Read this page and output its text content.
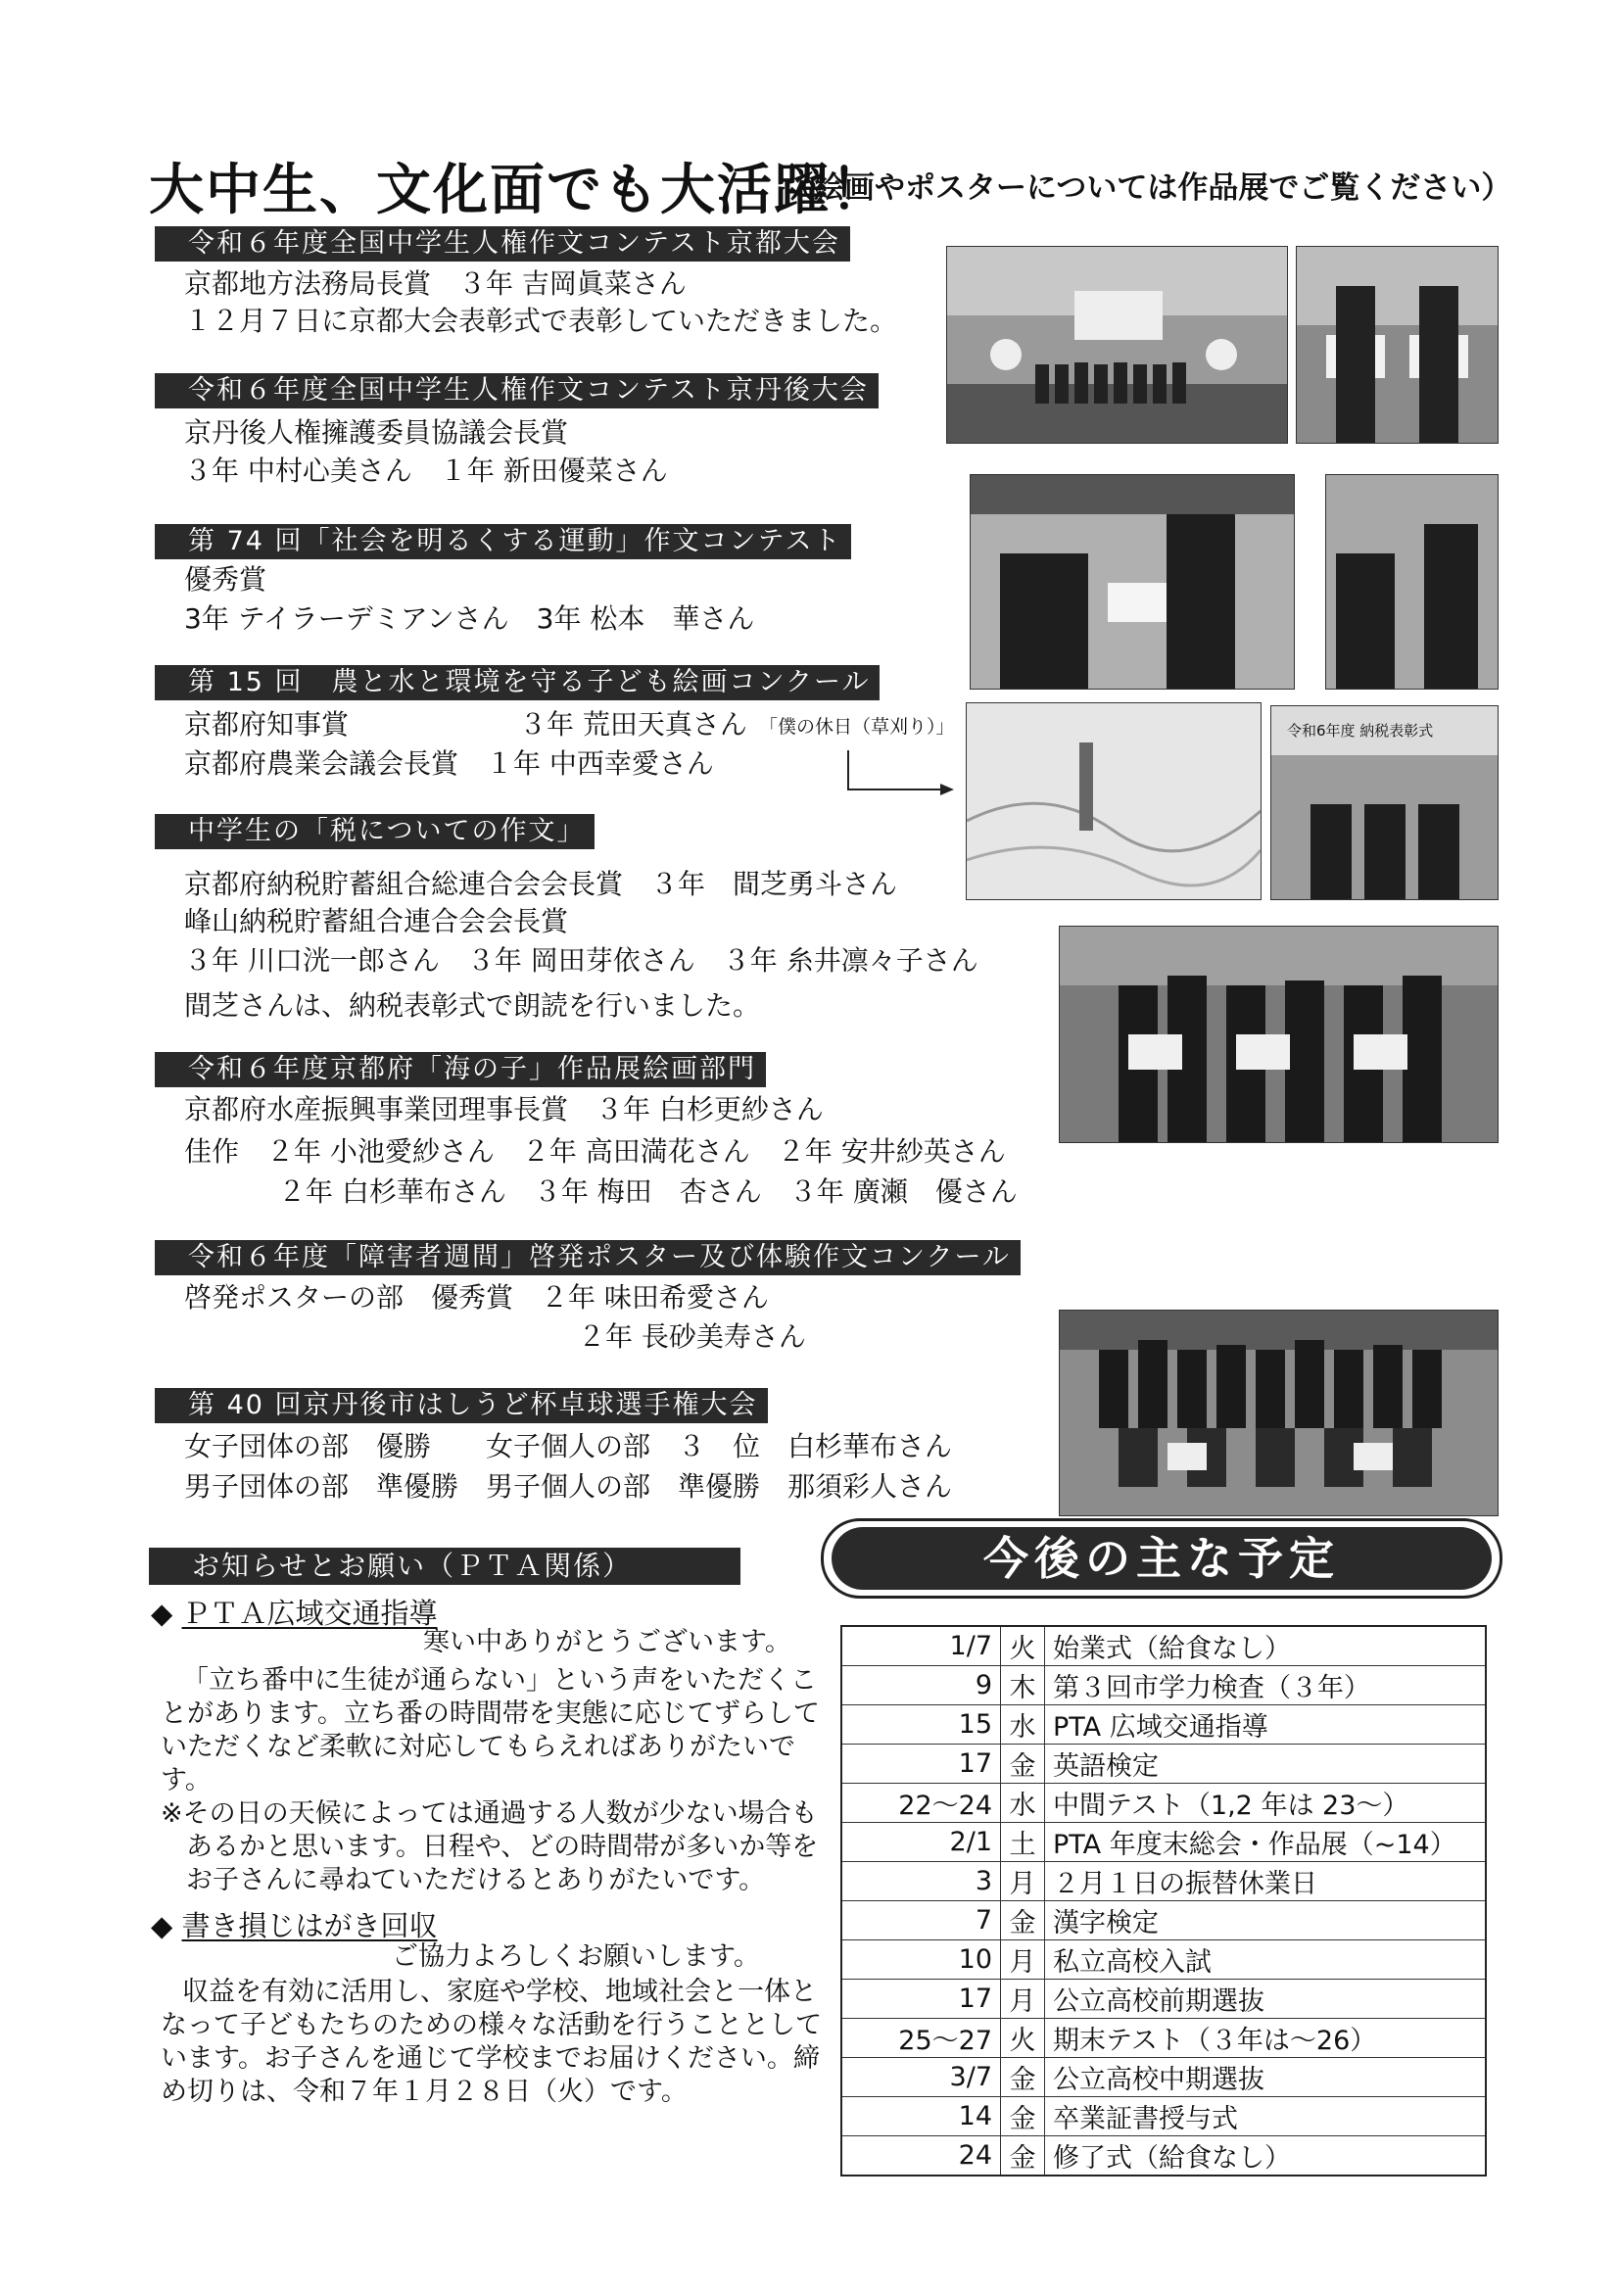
大中生、文化面でも大活躍！
（絵画やポスターについては作品展でご覧ください）
令和６年度全国中学生人権作文コンテスト京都大会
京都地方法務局長賞　３年 吉岡眞菜さん
１２月７日に京都大会表彰式で表彰していただきました。
令和６年度全国中学生人権作文コンテスト京丹後大会
京丹後人権擁護委員協議会長賞
３年 中村心美さん　１年 新田優菜さん
第 74 回「社会を明るくする運動」作文コンテスト
優秀賞
3年 テイラーデミアンさん　3年 松本　華さん
第 15 回　農と水と環境を守る子ども絵画コンクール
京都府知事賞	３年 荒田天真さん 「僕の休日（草刈り）」
京都府農業会議会長賞　１年 中西幸愛さん
中学生の「税についての作文」
京都府納税貯蓄組合総連合会会長賞　３年　間芝勇斗さん
峰山納税貯蓄組合連合会会長賞
３年 川口洸一郎さん　３年 岡田芽依さん　３年 糸井凛々子さん
間芝さんは、納税表彰式で朗読を行いました。
令和６年度京都府「海の子」作品展絵画部門
京都府水産振興事業団理事長賞　３年 白杉更紗さん
佳作　２年 小池愛紗さん　２年 高田満花さん　２年 安井紗英さん
２年 白杉華布さん　３年 梅田　杏さん　３年 廣瀬　優さん
令和６年度「障害者週間」啓発ポスター及び体験作文コンクール
啓発ポスターの部　優秀賞　２年 味田希愛さん
２年 長砂美寿さん
第 40 回京丹後市はしうど杯卓球選手権大会
女子団体の部　優勝　　女子個人の部　３　位　白杉華布さん
男子団体の部　準優勝　男子個人の部　準優勝　那須彩人さん
令和6年度 納税表彰式
お知らせとお願い（ＰＴＡ関係）
◆ ＰＴＡ広域交通指導
寒い中ありがとうございます。
「立ち番中に生徒が通らない」という声をいただくこ
とがあります。立ち番の時間帯を実態に応じてずらして
いただくなど柔軟に対応してもらえればありがたいで
す。
※その日の天候によっては通過する人数が少ない場合も
あるかと思います。日程や、どの時間帯が多いか等を
お子さんに尋ねていただけるとありがたいです。
◆ 書き損じはがき回収
ご協力よろしくお願いします。
収益を有効に活用し、家庭や学校、地域社会と一体と
なって子どもたちのための様々な活動を行うこととして
います。お子さんを通じて学校までお届けください。締
め切りは、令和７年１月２８日（火）です。
今後の主な予定
1/7	火	始業式（給食なし）
9	木	第３回市学力検査（３年）
15	水	PTA 広域交通指導
17	金	英語検定
22～24	水	中間テスト（1,2 年は 23～）
2/1	土	PTA 年度末総会・作品展（~14）
3	月	２月１日の振替休業日
7	金	漢字検定
10	月	私立高校入試
17	月	公立高校前期選抜
25～27	火	期末テスト（３年は～26）
3/7	金	公立高校中期選抜
14	金	卒業証書授与式
24	金	修了式（給食なし）
